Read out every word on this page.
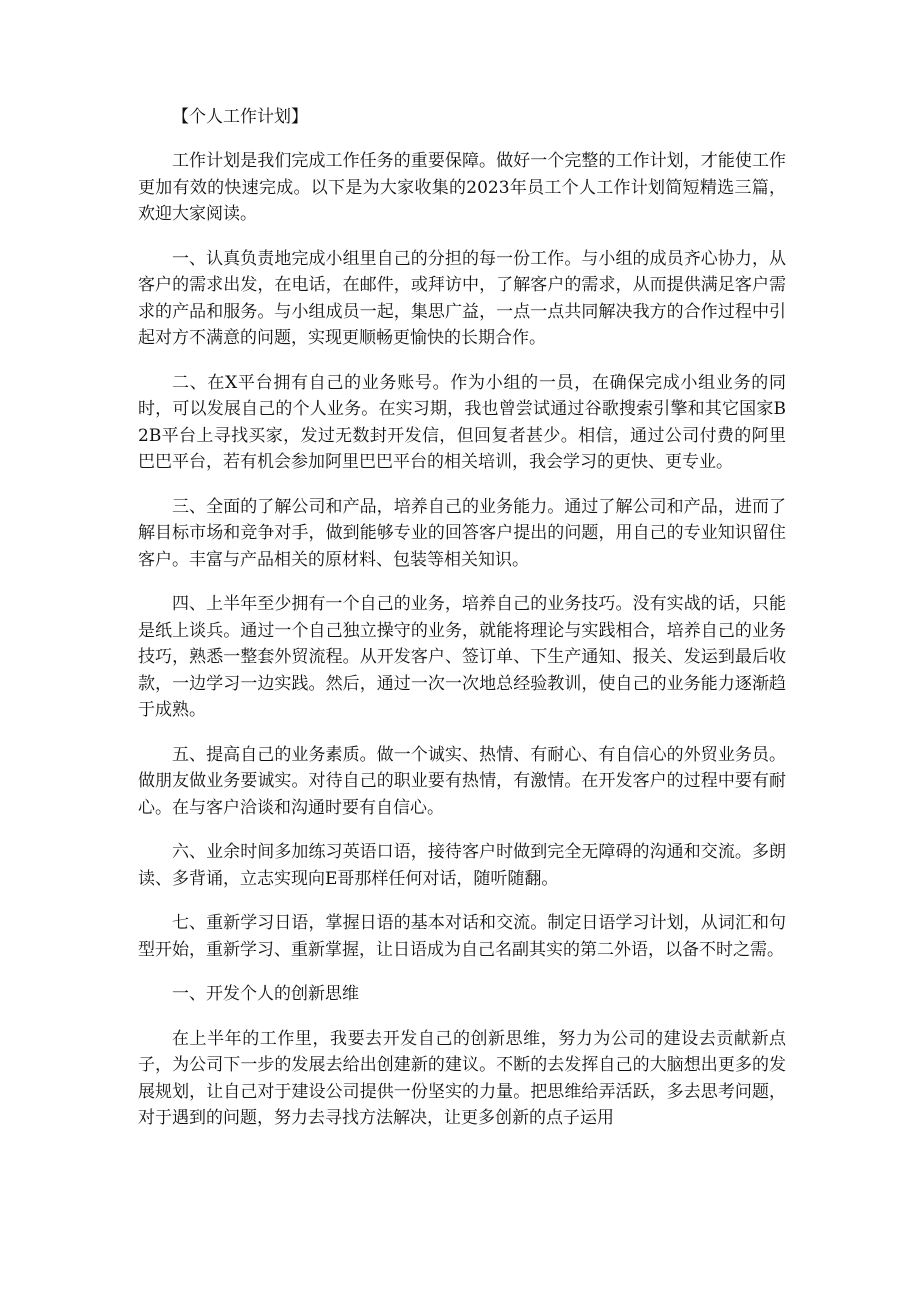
【个人工作计划】

工作计划是我们完成工作任务的重要保障。做好一个完整的工作计划，才能使工作更加有效的快速完成。以下是为大家收集的2023年员工个人工作计划简短精选三篇，欢迎大家阅读。

一、认真负责地完成小组里自己的分担的每一份工作。与小组的成员齐心协力，从客户的需求出发，在电话，在邮件，或拜访中，了解客户的需求，从而提供满足客户需求的产品和服务。与小组成员一起，集思广益，一点一点共同解决我方的合作过程中引起对方不满意的问题，实现更顺畅更愉快的长期合作。

二、在X平台拥有自己的业务账号。作为小组的一员，在确保完成小组业务的同时，可以发展自己的个人业务。在实习期，我也曾尝试通过谷歌搜索引擎和其它国家B2B平台上寻找买家，发过无数封开发信，但回复者甚少。相信，通过公司付费的阿里巴巴平台，若有机会参加阿里巴巴平台的相关培训，我会学习的更快、更专业。

三、全面的了解公司和产品，培养自己的业务能力。通过了解公司和产品，进而了解目标市场和竞争对手，做到能够专业的回答客户提出的问题，用自己的专业知识留住客户。丰富与产品相关的原材料、包装等相关知识。

四、上半年至少拥有一个自己的业务，培养自己的业务技巧。没有实战的话，只能是纸上谈兵。通过一个自己独立操守的业务，就能将理论与实践相合，培养自己的业务技巧，熟悉一整套外贸流程。从开发客户、签订单、下生产通知、报关、发运到最后收款，一边学习一边实践。然后，通过一次一次地总经验教训，使自己的业务能力逐渐趋于成熟。

五、提高自己的业务素质。做一个诚实、热情、有耐心、有自信心的外贸业务员。做朋友做业务要诚实。对待自己的职业要有热情，有激情。在开发客户的过程中要有耐心。在与客户洽谈和沟通时要有自信心。

六、业余时间多加练习英语口语，接待客户时做到完全无障碍的沟通和交流。多朗读、多背诵，立志实现向E哥那样任何对话，随听随翻。

七、重新学习日语，掌握日语的基本对话和交流。制定日语学习计划，从词汇和句型开始，重新学习、重新掌握，让日语成为自己名副其实的第二外语，以备不时之需。

一、开发个人的创新思维

在上半年的工作里，我要去开发自己的创新思维，努力为公司的建设去贡献新点子，为公司下一步的发展去给出创建新的建议。不断的去发挥自己的大脑想出更多的发展规划，让自己对于建设公司提供一份坚实的力量。把思维给弄活跃，多去思考问题，对于遇到的问题，努力去寻找方法解决，让更多创新的点子运用
